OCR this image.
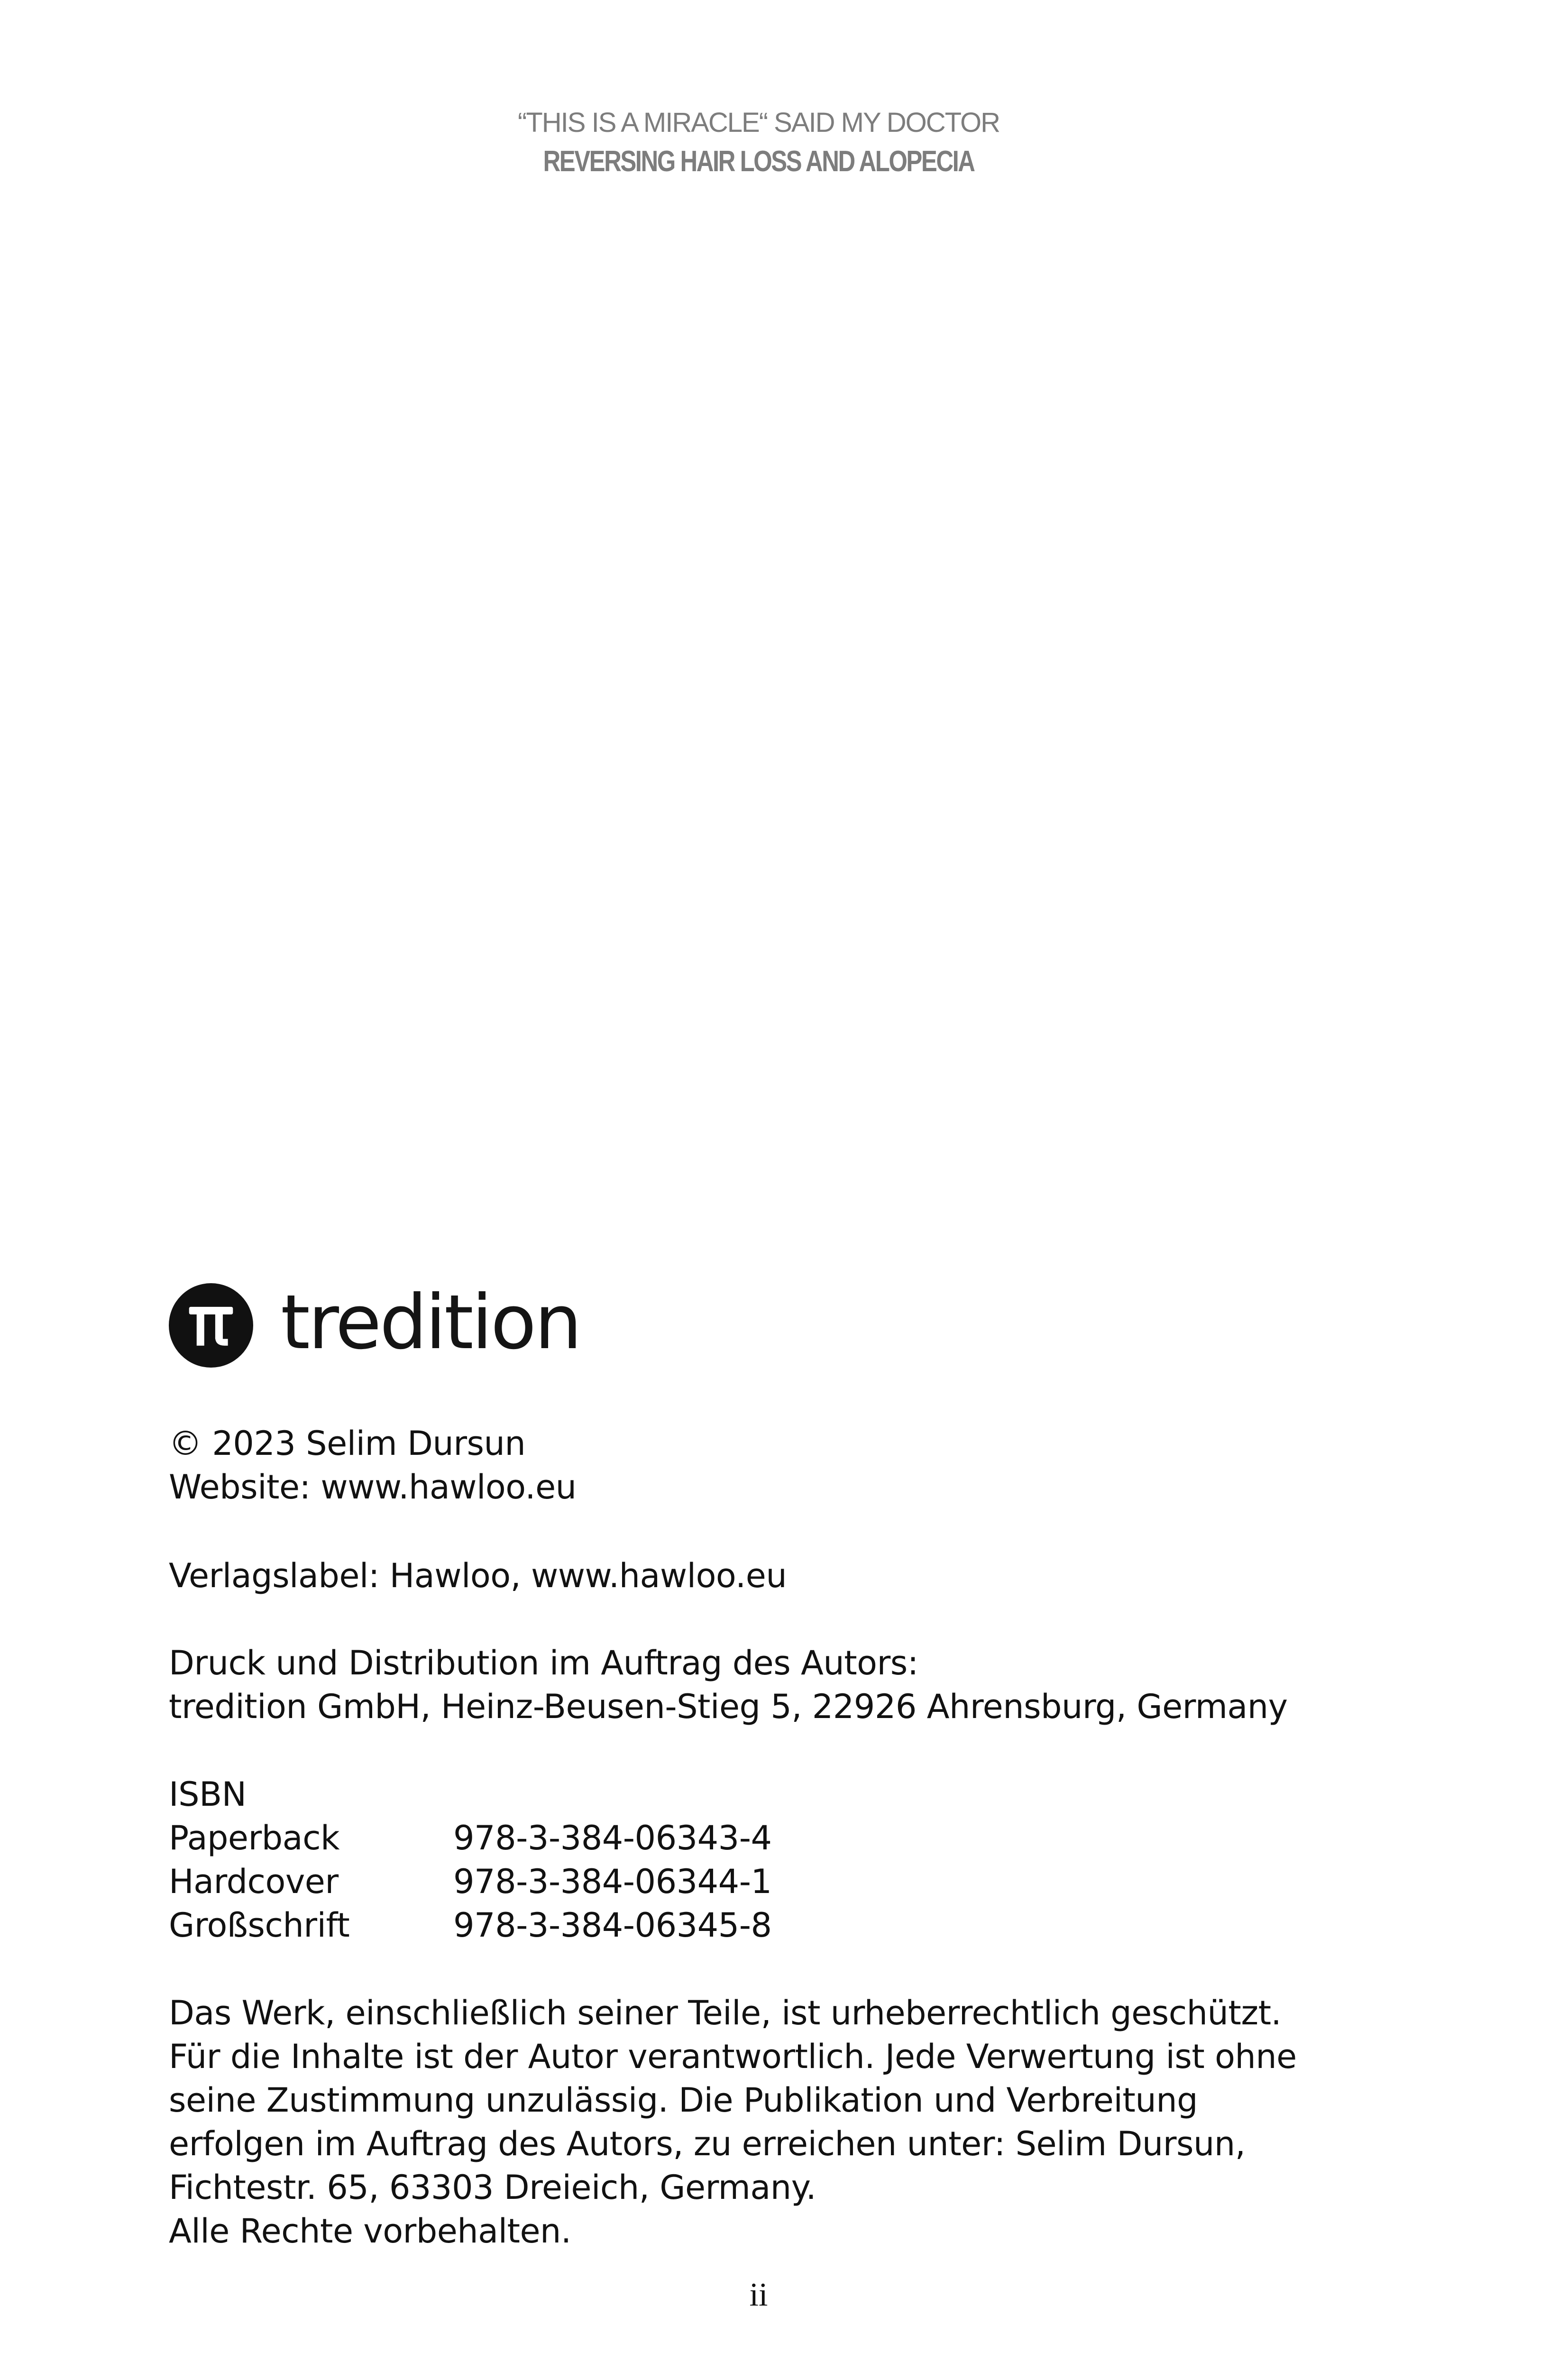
“THIS IS A MIRACLE“ SAID MY DOCTOR
REVERSING HAIR LOSS AND ALOPECIA
tredition
© 2023 Selim Dursun
Website: www.hawloo.eu
Verlagslabel: Hawloo, www.hawloo.eu
Druck und Distribution im Auftrag des Autors:
tredition GmbH, Heinz-Beusen-Stieg 5, 22926 Ahrensburg, Germany
ISBN
Paperback	978-3-384-06343-4
Hardcover	978-3-384-06344-1
Großschrift	978-3-384-06345-8
Das Werk, einschließlich seiner Teile, ist urheberrechtlich geschützt.
Für die Inhalte ist der Autor verantwortlich. Jede Verwertung ist ohne
seine Zustimmung unzulässig. Die Publikation und Verbreitung
erfolgen im Auftrag des Autors, zu erreichen unter: Selim Dursun,
Fichtestr. 65, 63303 Dreieich, Germany.
Alle Rechte vorbehalten.
ii
